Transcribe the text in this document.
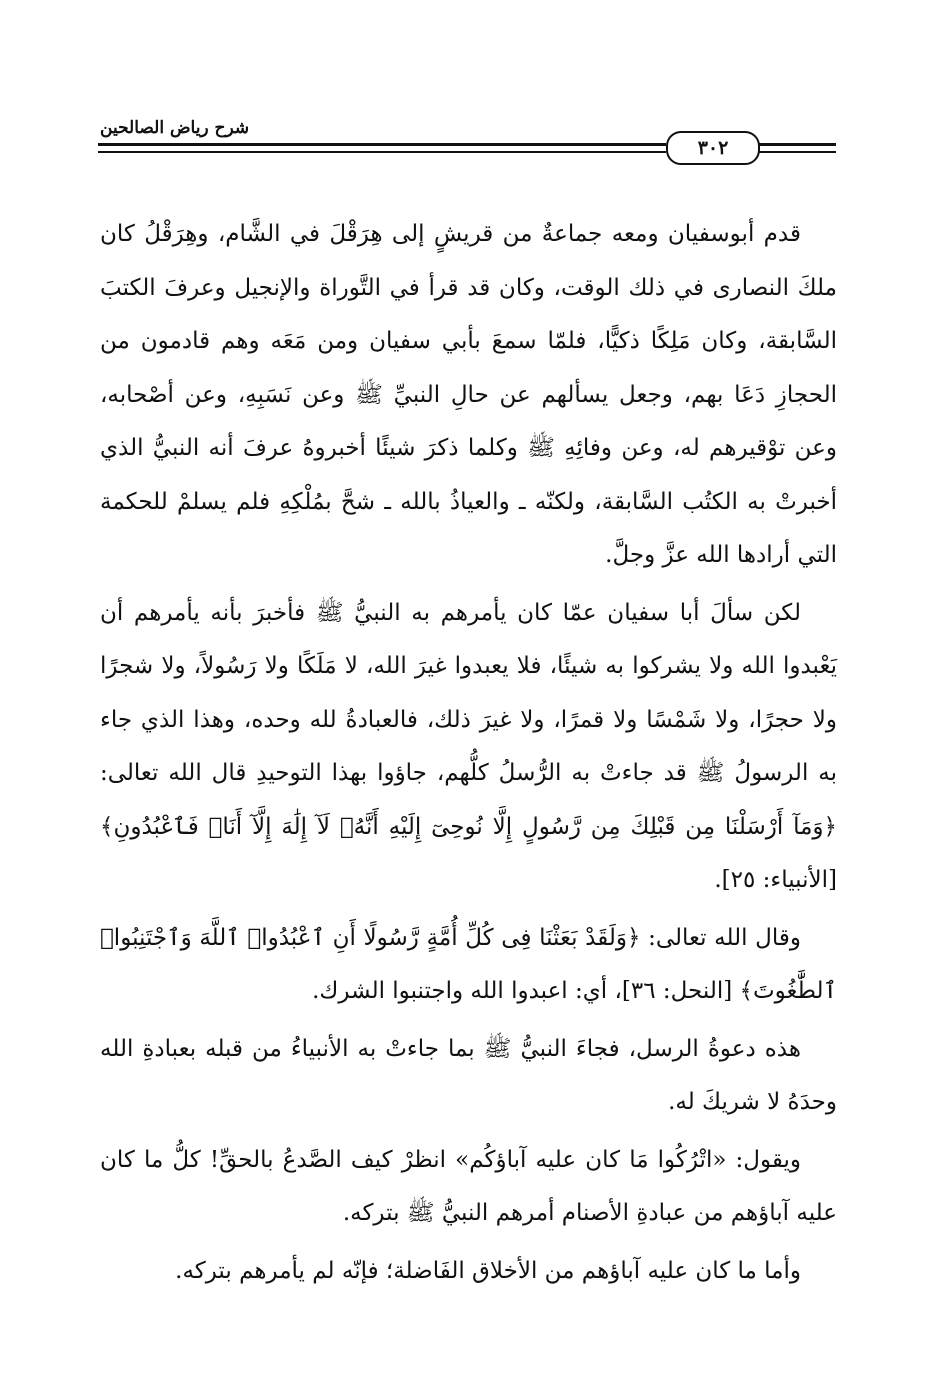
شرح رياض الصالحين
٣٠٢

قدم أبوسفيان ومعه جماعةٌ من قريشٍ إلى هِرَقْلَ في الشَّام، وهِرَقْلُ كان ملكَ النصارى في ذلك الوقت، وكان قد قرأ في التَّوراة والإنجيل وعرفَ الكتبَ السَّابقة، وكان مَلِكًا ذكيًّا، فلمّا سمعَ بأبي سفيان ومن مَعَه وهم قادمون من الحجازِ دَعَا بهم، وجعل يسألهم عن حالِ النبيِّ ﷺ وعن نَسَبِهِ، وعن أصْحابه، وعن توْقيرهم له، وعن وفائِهِ ﷺ وكلما ذكرَ شيئًا أخبروهُ عرفَ أنه النبيُّ الذي أخبرتْ به الكتُب السَّابقة، ولكنّه ـ والعياذُ بالله ـ شحَّ بمُلْكِهِ فلم يسلمْ للحكمة التي أرادها الله عزَّ وجلَّ.

لكن سألَ أبا سفيان عمّا كان يأمرهم به النبيُّ ﷺ فأخبرَ بأنه يأمرهم أن يَعْبدوا الله ولا يشركوا به شيئًا، فلا يعبدوا غيرَ الله، لا مَلَكًا ولا رَسُولاً، ولا شجرًا ولا حجرًا، ولا شَمْسًا ولا قمرًا، ولا غيرَ ذلك، فالعبادةُ لله وحده، وهذا الذي جاء به الرسولُ ﷺ قد جاءتْ به الرُّسلُ كلُّهم، جاؤوا بهذا التوحيدِ قال الله تعالى: ﴿وَمَآ أَرْسَلْنَا مِن قَبْلِكَ مِن رَّسُولٍ إِلَّا نُوحِىٓ إِلَيْهِ أَنَّهُۥ لَآ إِلَٰهَ إِلَّآ أَنَا۠ فَٱعْبُدُونِ﴾ [الأنبياء: ٢٥].

وقال الله تعالى: ﴿وَلَقَدْ بَعَثْنَا فِى كُلِّ أُمَّةٍ رَّسُولًا أَنِ ٱعْبُدُوا۟ ٱللَّهَ وَٱجْتَنِبُوا۟ ٱلطَّٰغُوتَ﴾ [النحل: ٣٦]، أي: اعبدوا الله واجتنبوا الشرك.

هذه دعوةُ الرسل، فجاءَ النبيُّ ﷺ بما جاءتْ به الأنبياءُ من قبله بعبادةِ الله وحدَهُ لا شريكَ له.

ويقول: «اتْرُكُوا مَا كان عليه آباؤكُم» انظرْ كيف الصَّدعُ بالحقِّ! كلُّ ما كان عليه آباؤهم من عبادةِ الأصنام أمرهم النبيُّ ﷺ بتركه.

وأما ما كان عليه آباؤهم من الأخلاق الفَاضلة؛ فإنّه لم يأمرهم بتركه.
